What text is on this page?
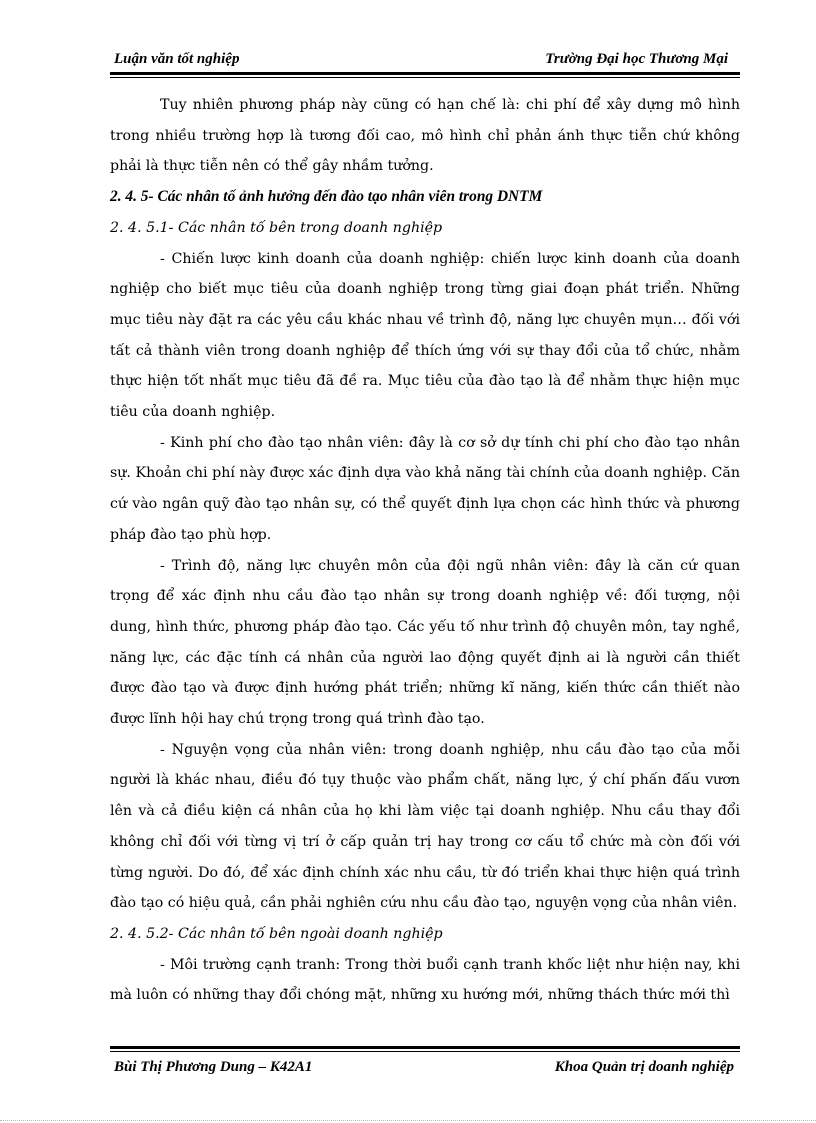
Luận văn tốt nghiệp	Trường Đại học Thương Mại

Tuy nhiên phương pháp này cũng có hạn chế là: chi phí để xây dựng mô hình trong nhiều trường hợp là tương đối cao, mô hình chỉ phản ánh thực tiễn chứ không phải là thực tiễn nên có thể gây nhầm tưởng.

2. 4. 5- Các nhân tố ảnh hưởng đến đào tạo nhân viên trong DNTM

2. 4. 5.1- Các nhân tố bên trong doanh nghiệp

- Chiến lược kinh doanh của doanh nghiệp: chiến lược kinh doanh của doanh nghiệp cho biết mục tiêu của doanh nghiệp trong từng giai đoạn phát triển. Những mục tiêu này đặt ra các yêu cầu khác nhau về trình độ, năng lực chuyên mụn… đối với tất cả thành viên trong doanh nghiệp để thích ứng với sự thay đổi của tổ chức, nhằm thực hiện tốt nhất mục tiêu đã đề ra. Mục tiêu của đào tạo là để nhằm thực hiện mục tiêu của doanh nghiệp.

- Kinh phí cho đào tạo nhân viên: đây là cơ sở dự tính chi phí cho đào tạo nhân sự. Khoản chi phí này được xác định dựa vào khả năng tài chính của doanh nghiệp. Căn cứ vào ngân quỹ đào tạo nhân sự, có thể quyết định lựa chọn các hình thức và phương pháp đào tạo phù hợp.

- Trình độ, năng lực chuyên môn của đội ngũ nhân viên: đây là căn cứ quan trọng để xác định nhu cầu đào tạo nhân sự trong doanh nghiệp về: đối tượng, nội dung, hình thức, phương pháp đào tạo. Các yếu tố như trình độ chuyên môn, tay nghề, năng lực, các đặc tính cá nhân của người lao động quyết định ai là người cần thiết được đào tạo và được định hướng phát triển; những kĩ năng, kiến thức cần thiết nào được lĩnh hội hay chú trọng trong quá trình đào tạo.

- Nguyện vọng của nhân viên: trong doanh nghiệp, nhu cầu đào tạo của mỗi người là khác nhau, điều đó tụy thuộc vào phẩm chất, năng lực, ý chí phấn đấu vươn lên và cả điều kiện cá nhân của họ khi làm việc tại doanh nghiệp. Nhu cầu thay đổi không chỉ đối với từng vị trí ở cấp quản trị hay trong cơ cấu tổ chức mà còn đối với từng người. Do đó, để xác định chính xác nhu cầu, từ đó triển khai thực hiện quá trình đào tạo có hiệu quả, cần phải nghiên cứu nhu cầu đào tạo, nguyện vọng của nhân viên.

2. 4. 5.2- Các nhân tố bên ngoài doanh nghiệp

- Môi trường cạnh tranh: Trong thời buổi cạnh tranh khốc liệt như hiện nay, khi mà luôn có những thay đổi chóng mặt, những xu hướng mới, những thách thức mới thì

Bùi Thị Phương Dung – K42A1	Khoa Quản trị doanh nghiệp
